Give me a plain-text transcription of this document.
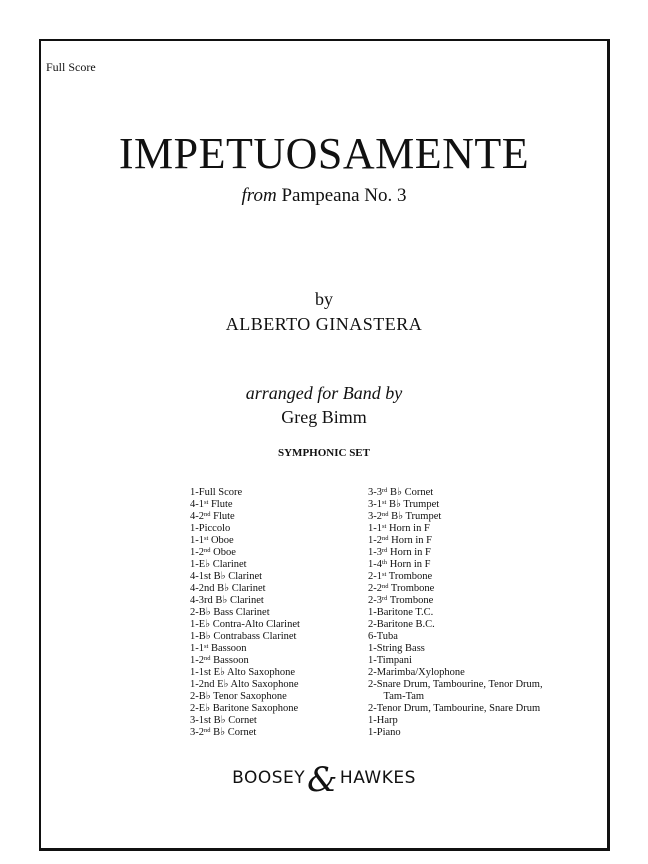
Full Score
IMPETUOSAMENTE
from Pampeana No. 3
by
ALBERTO GINASTERA
arranged for Band by
Greg Bimm
SYMPHONIC SET
1-Full Score
4-1st Flute
4-2nd Flute
1-Piccolo
1-1st Oboe
1-2nd Oboe
1-E♭ Clarinet
4-1st B♭ Clarinet
4-2nd B♭ Clarinet
4-3rd B♭ Clarinet
2-B♭ Bass Clarinet
1-E♭ Contra-Alto Clarinet
1-B♭ Contrabass Clarinet
1-1st Bassoon
1-2nd Bassoon
1-1st E♭ Alto Saxophone
1-2nd E♭ Alto Saxophone
2-B♭ Tenor Saxophone
2-E♭ Baritone Saxophone
3-1st B♭ Cornet
3-2nd B♭ Cornet
3-3rd B♭ Cornet
3-1st B♭ Trumpet
3-2nd B♭ Trumpet
1-1st Horn in F
1-2nd Horn in F
1-3rd Horn in F
1-4th Horn in F
2-1st Trombone
2-2nd Trombone
2-3rd Trombone
1-Baritone T.C.
2-Baritone B.C.
6-Tuba
1-String Bass
1-Timpani
2-Marimba/Xylophone
2-Snare Drum, Tambourine, Tenor Drum,
Tam-Tam
2-Tenor Drum, Tambourine, Snare Drum
1-Harp
1-Piano
BOOSEY& HAWKES
